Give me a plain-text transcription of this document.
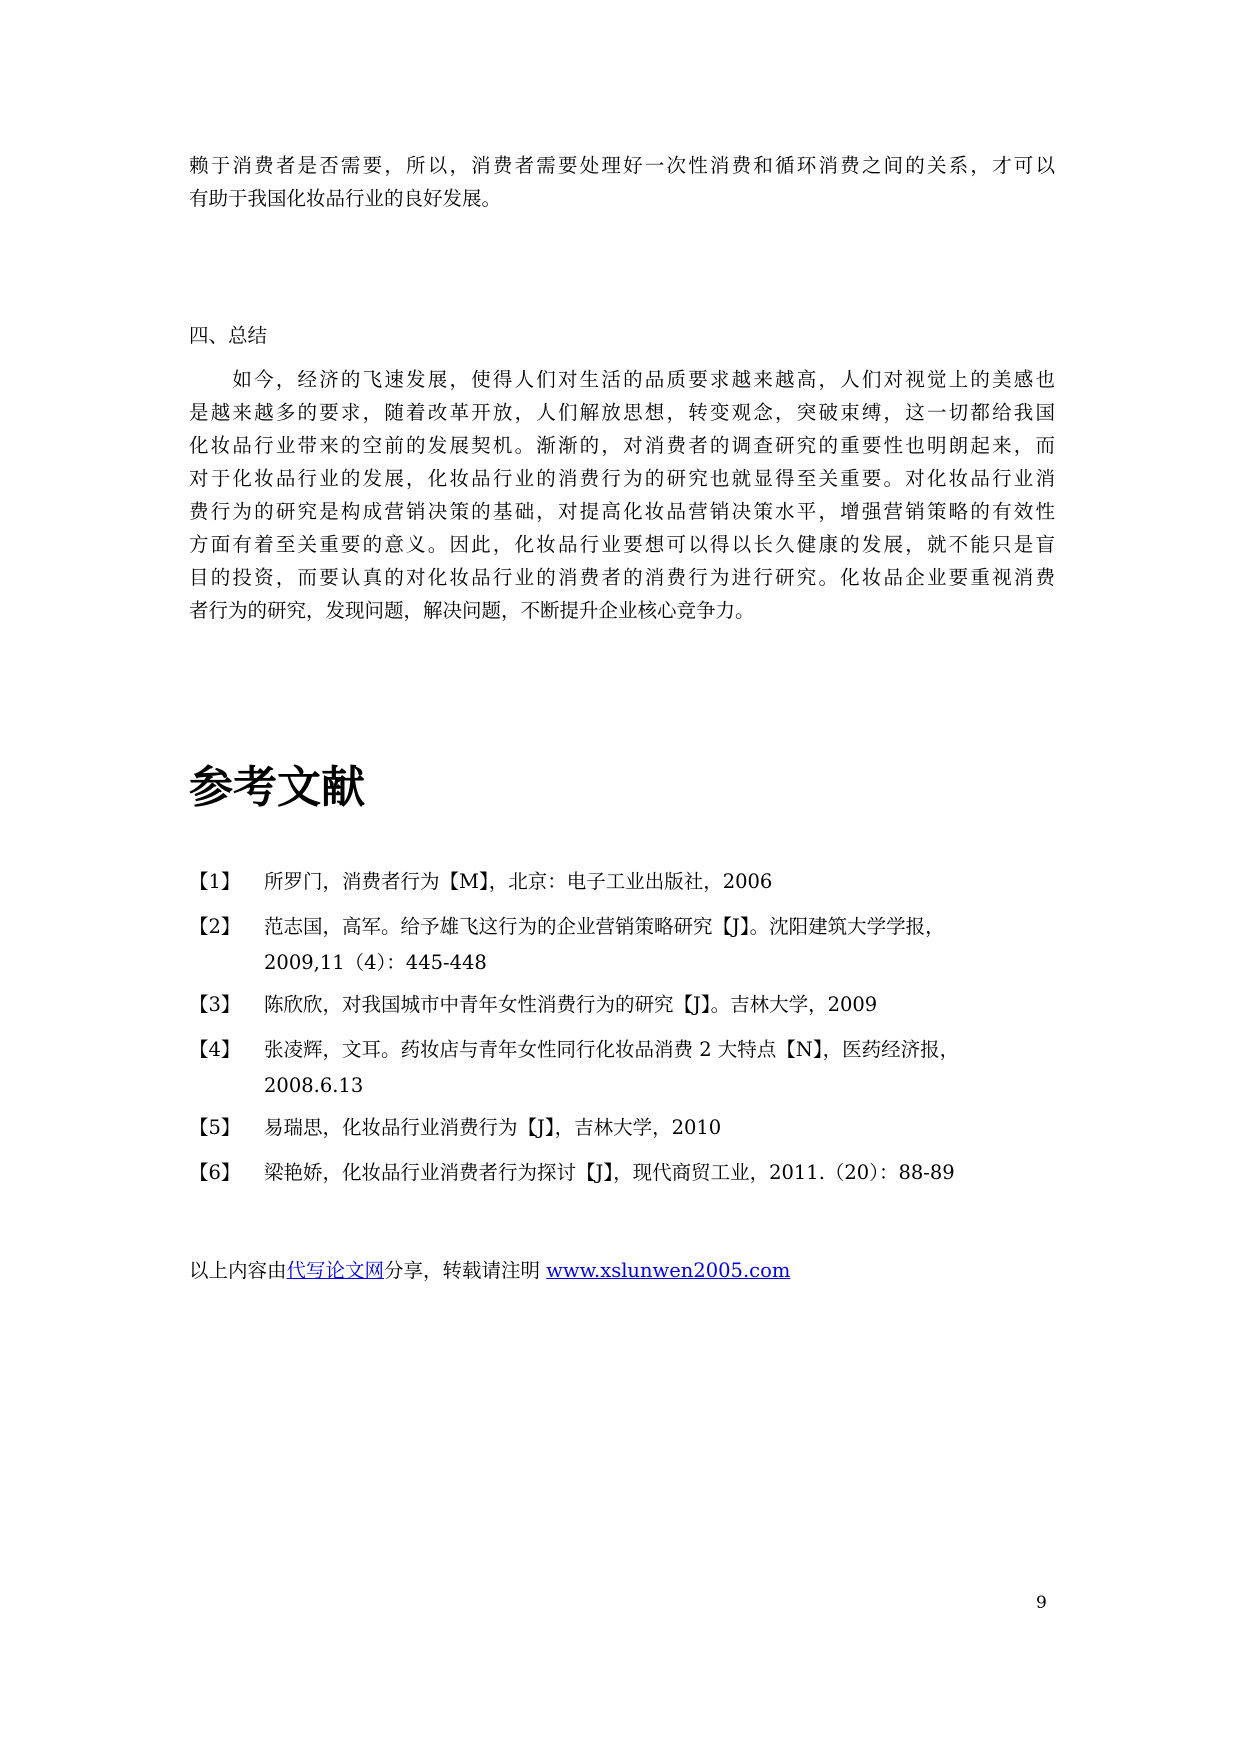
赖于消费者是否需要，所以，消费者需要处理好一次性消费和循环消费之间的关系，才可以
有助于我国化妆品行业的良好发展。
四、总结
　　如今，经济的飞速发展，使得人们对生活的品质要求越来越高，人们对视觉上的美感也
是越来越多的要求，随着改革开放，人们解放思想，转变观念，突破束缚，这一切都给我国
化妆品行业带来的空前的发展契机。渐渐的，对消费者的调查研究的重要性也明朗起来，而
对于化妆品行业的发展，化妆品行业的消费行为的研究也就显得至关重要。对化妆品行业消
费行为的研究是构成营销决策的基础，对提高化妆品营销决策水平，增强营销策略的有效性
方面有着至关重要的意义。因此，化妆品行业要想可以得以长久健康的发展，就不能只是盲
目的投资，而要认真的对化妆品行业的消费者的消费行为进行研究。化妆品企业要重视消费
者行为的研究，发现问题，解决问题，不断提升企业核心竞争力。
参考文献
【1】	所罗门，消费者行为【M】，北京：电子工业出版社，2006
【2】	范志国，高军。给予雄飞这行为的企业营销策略研究【J】。沈阳建筑大学学报，
2009,11（4）：445-448
【3】	陈欣欣，对我国城市中青年女性消费行为的研究【J】。吉林大学，2009
【4】	张凌辉，文耳。药妆店与青年女性同行化妆品消费 2 大特点【N】，医药经济报，
2008.6.13
【5】	易瑞思，化妆品行业消费行为【J】，吉林大学，2010
【6】	梁艳娇，化妆品行业消费者行为探讨【J】，现代商贸工业，2011.（20）：88-89
以上内容由代写论文网分享，转载请注明 www.xslunwen2005.com
9
